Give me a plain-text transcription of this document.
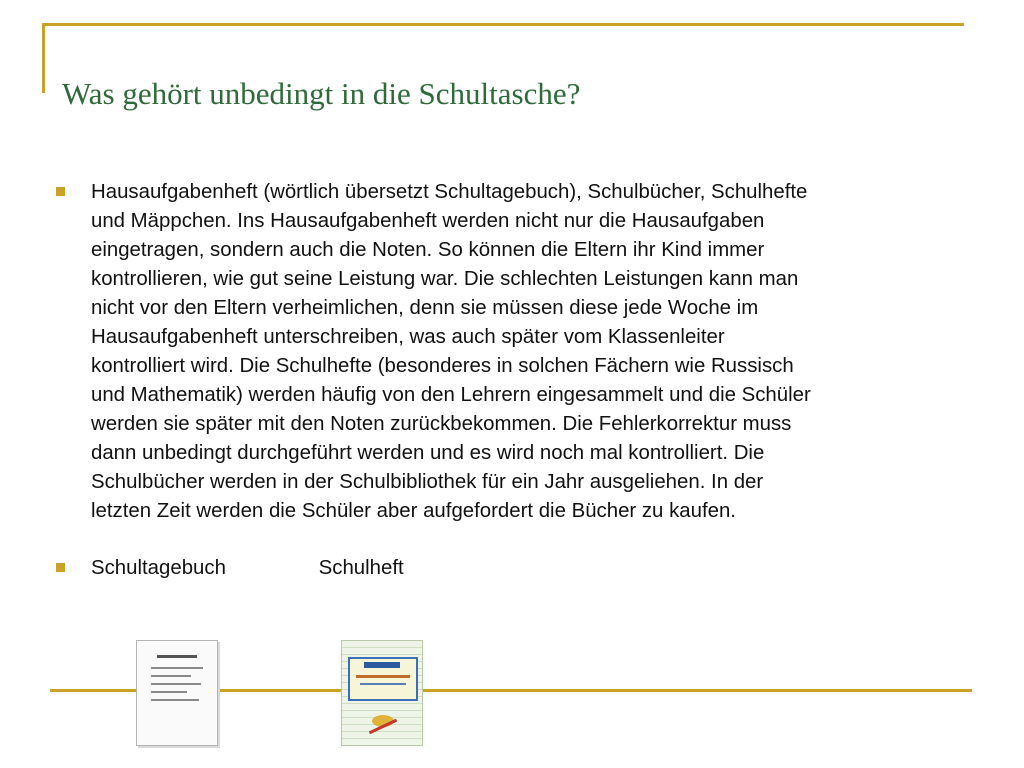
Was gehört unbedingt in die Schultasche?

Hausaufgabenheft (wörtlich übersetzt Schultagebuch), Schulbücher, Schulhefte
und Mäppchen. Ins Hausaufgabenheft werden nicht nur die Hausaufgaben
eingetragen, sondern auch die Noten. So können die Eltern ihr Kind immer
kontrollieren, wie gut seine Leistung war. Die schlechten Leistungen kann man
nicht vor den Eltern verheimlichen, denn sie müssen diese jede Woche im
Hausaufgabenheft unterschreiben, was auch später vom Klassenleiter
kontrolliert wird. Die Schulhefte (besonderes in solchen Fächern wie Russisch
und Mathematik) werden häufig von den Lehrern eingesammelt und die Schüler
werden sie später mit den Noten zurückbekommen. Die Fehlerkorrektur muss
dann unbedingt durchgeführt werden und es wird noch mal kontrolliert. Die
Schulbücher werden in der Schulbibliothek für ein Jahr ausgeliehen. In der
letzten Zeit werden die Schüler aber aufgefordert die Bücher zu kaufen.

Schultagebuch	Schulheft
